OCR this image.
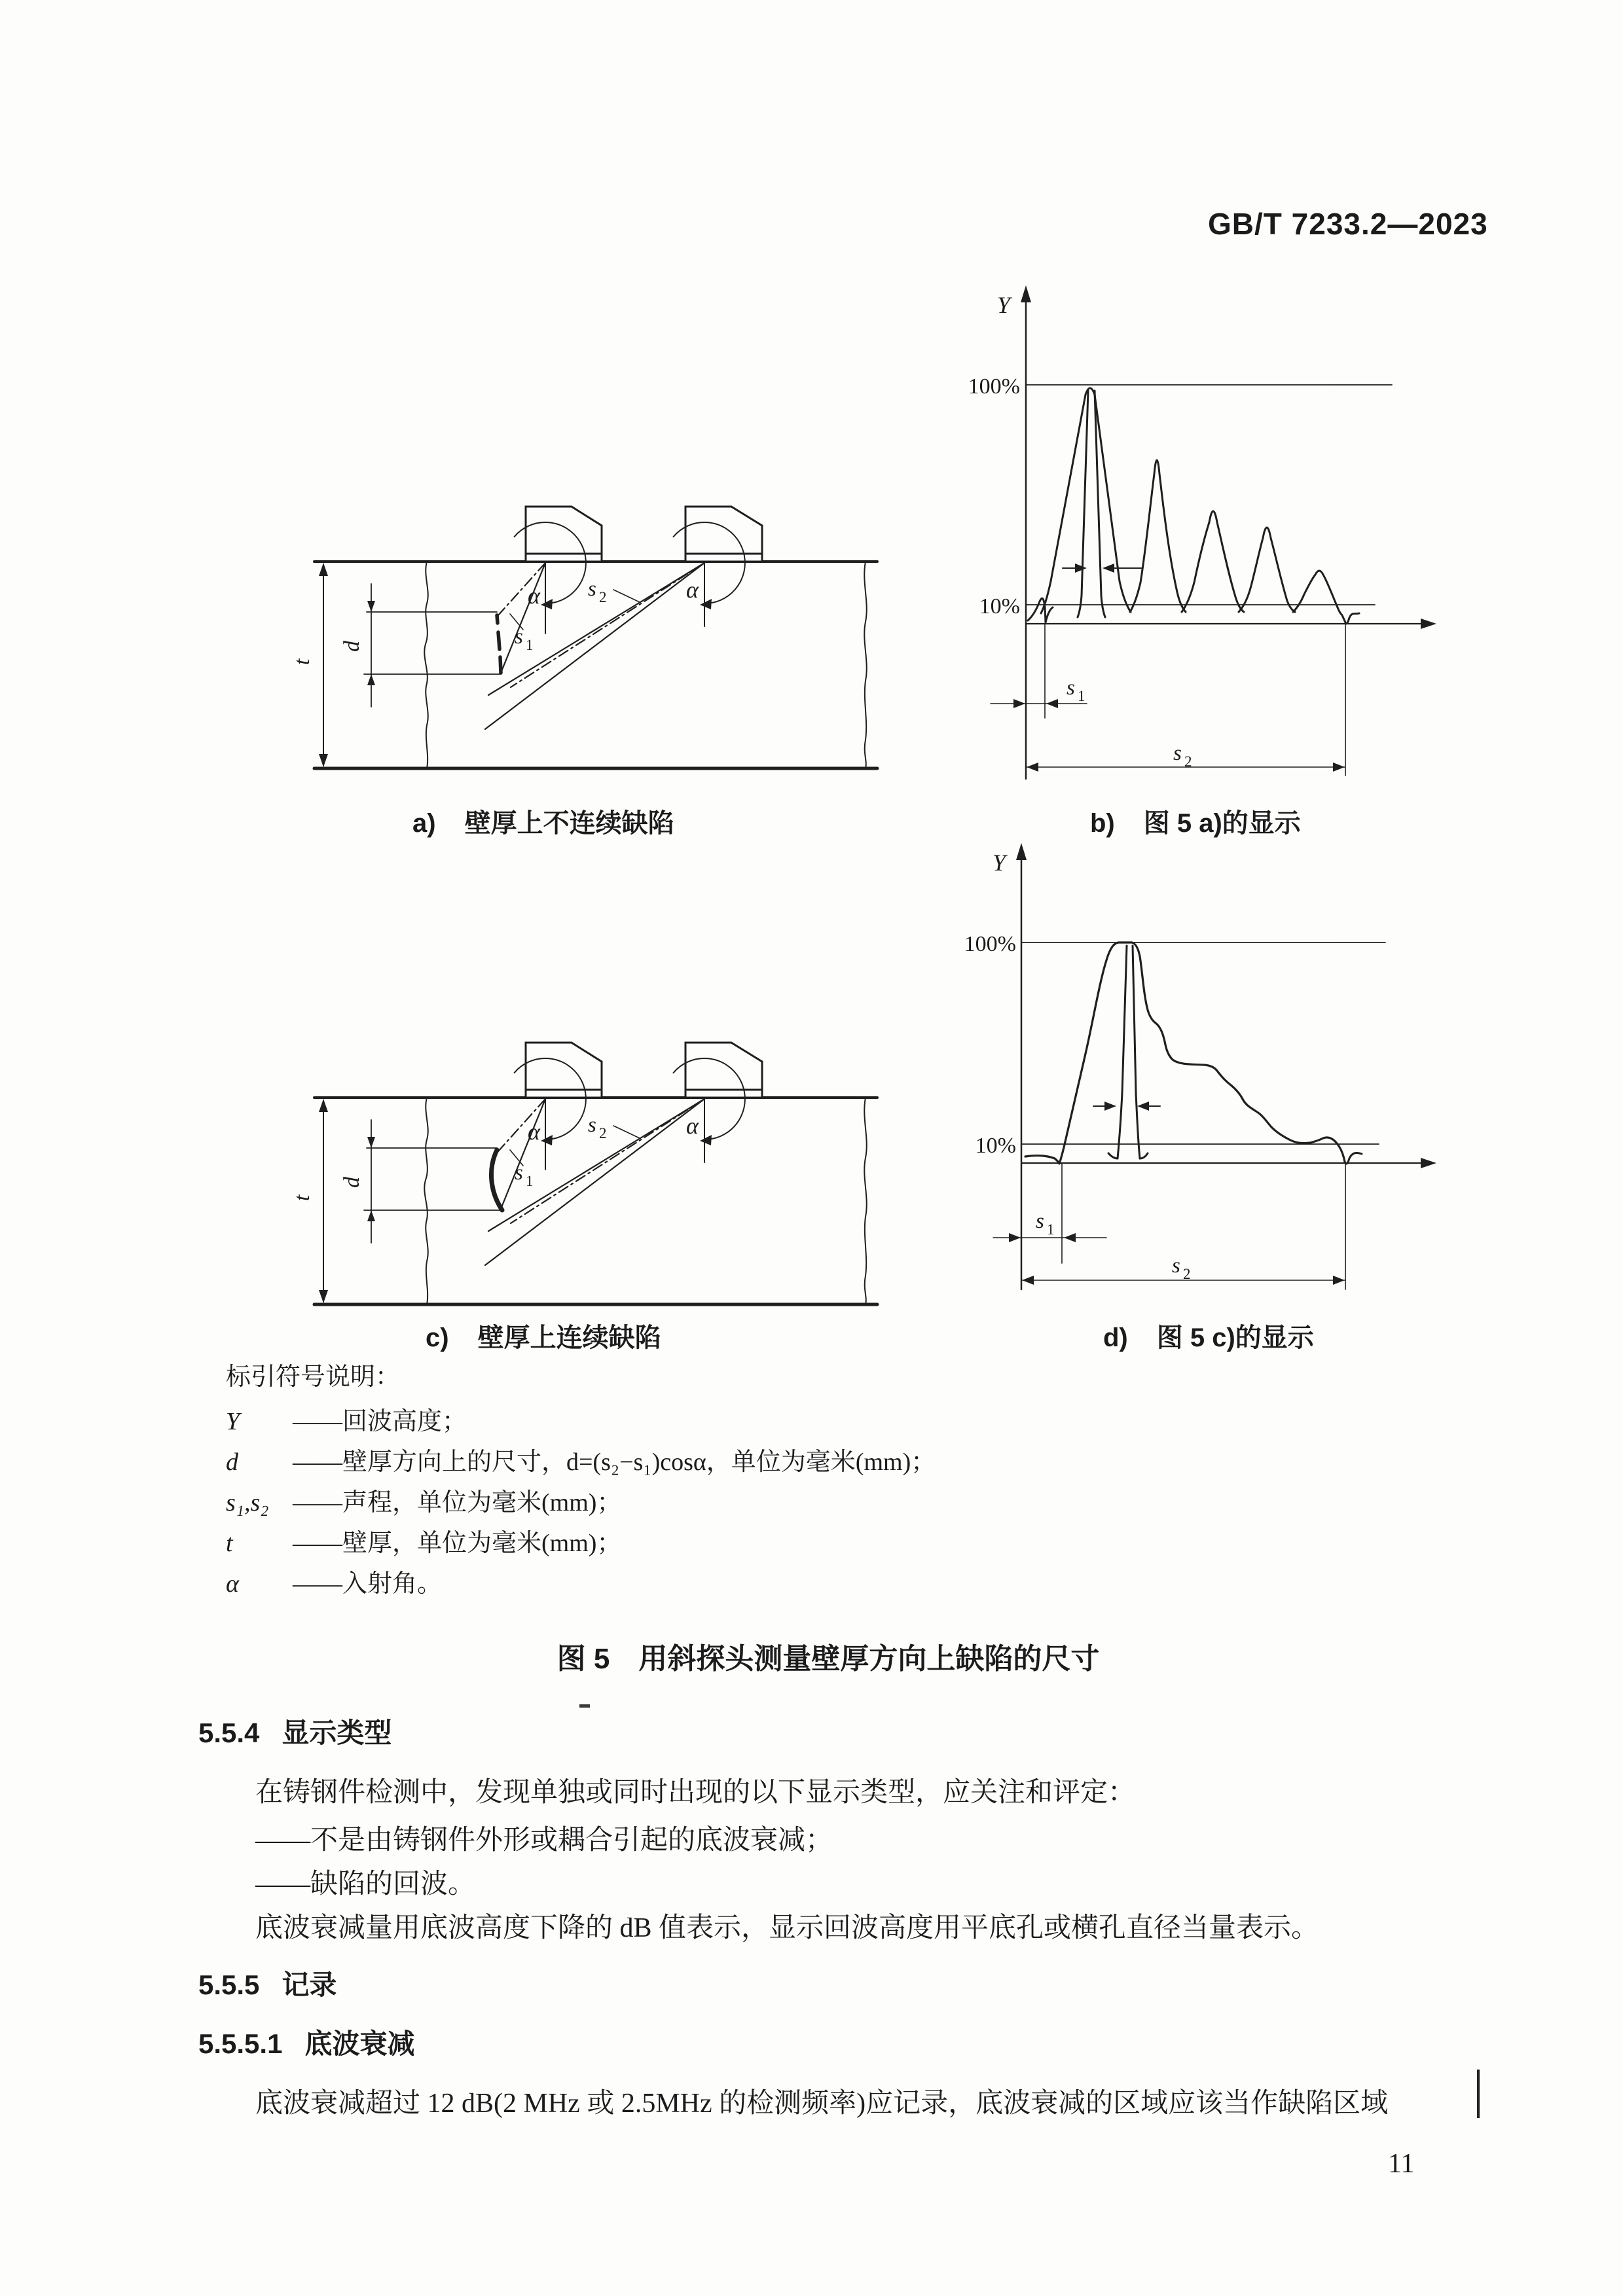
GB/T 7233.2—2023
t
d
α	α
s 1
s 2
t
d
α	α
s 1
s 2
Y
100%
10%
s 1
s 2
Y
100%
10%
s 1
s 2
a) 壁厚上不连续缺陷	b) 图 5 a)的显示
c) 壁厚上连续缺陷	d) 图 5 c)的显示
标引符号说明：
Y ——回波高度；
d ——壁厚方向上的尺寸，d=(s₂−s₁)cosα，单位为毫米(mm)；
s₁,s₂ ——声程，单位为毫米(mm)；
t ——壁厚，单位为毫米(mm)；
α ——入射角。
图 5　用斜探头测量壁厚方向上缺陷的尺寸
5.5.4 显示类型
在铸钢件检测中，发现单独或同时出现的以下显示类型，应关注和评定：
——不是由铸钢件外形或耦合引起的底波衰减；
——缺陷的回波。
底波衰减量用底波高度下降的 dB 值表示，显示回波高度用平底孔或横孔直径当量表示。
5.5.5 记录
5.5.5.1 底波衰减
底波衰减超过 12 dB(2 MHz 或 2.5MHz 的检测频率)应记录，底波衰减的区域应该当作缺陷区域
11
